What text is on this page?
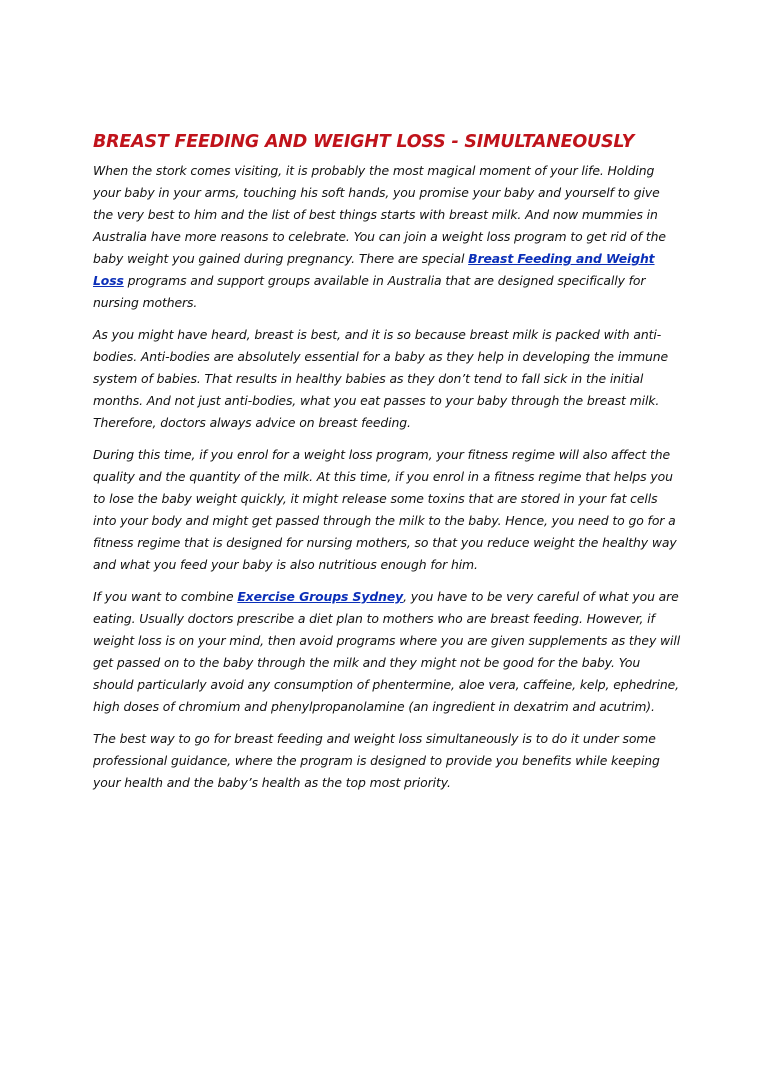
BREAST FEEDING AND WEIGHT LOSS - SIMULTANEOUSLY

When the stork comes visiting, it is probably the most magical moment of your life. Holding your baby in your arms, touching his soft hands, you promise your baby and yourself to give the very best to him and the list of best things starts with breast milk. And now mummies in Australia have more reasons to celebrate. You can join a weight loss program to get rid of the baby weight you gained during pregnancy. There are special Breast Feeding and Weight Loss programs and support groups available in Australia that are designed specifically for nursing mothers.

As you might have heard, breast is best, and it is so because breast milk is packed with anti-bodies. Anti-bodies are absolutely essential for a baby as they help in developing the immune system of babies. That results in healthy babies as they don’t tend to fall sick in the initial months. And not just anti-bodies, what you eat passes to your baby through the breast milk. Therefore, doctors always advice on breast feeding.

During this time, if you enrol for a weight loss program, your fitness regime will also affect the quality and the quantity of the milk. At this time, if you enrol in a fitness regime that helps you to lose the baby weight quickly, it might release some toxins that are stored in your fat cells into your body and might get passed through the milk to the baby. Hence, you need to go for a fitness regime that is designed for nursing mothers, so that you reduce weight the healthy way and what you feed your baby is also nutritious enough for him.

If you want to combine Exercise Groups Sydney, you have to be very careful of what you are eating. Usually doctors prescribe a diet plan to mothers who are breast feeding. However, if weight loss is on your mind, then avoid programs where you are given supplements as they will get passed on to the baby through the milk and they might not be good for the baby. You should particularly avoid any consumption of phentermine, aloe vera, caffeine, kelp, ephedrine, high doses of chromium and phenylpropanolamine (an ingredient in dexatrim and acutrim).

The best way to go for breast feeding and weight loss simultaneously is to do it under some professional guidance, where the program is designed to provide you benefits while keeping your health and the baby’s health as the top most priority.
